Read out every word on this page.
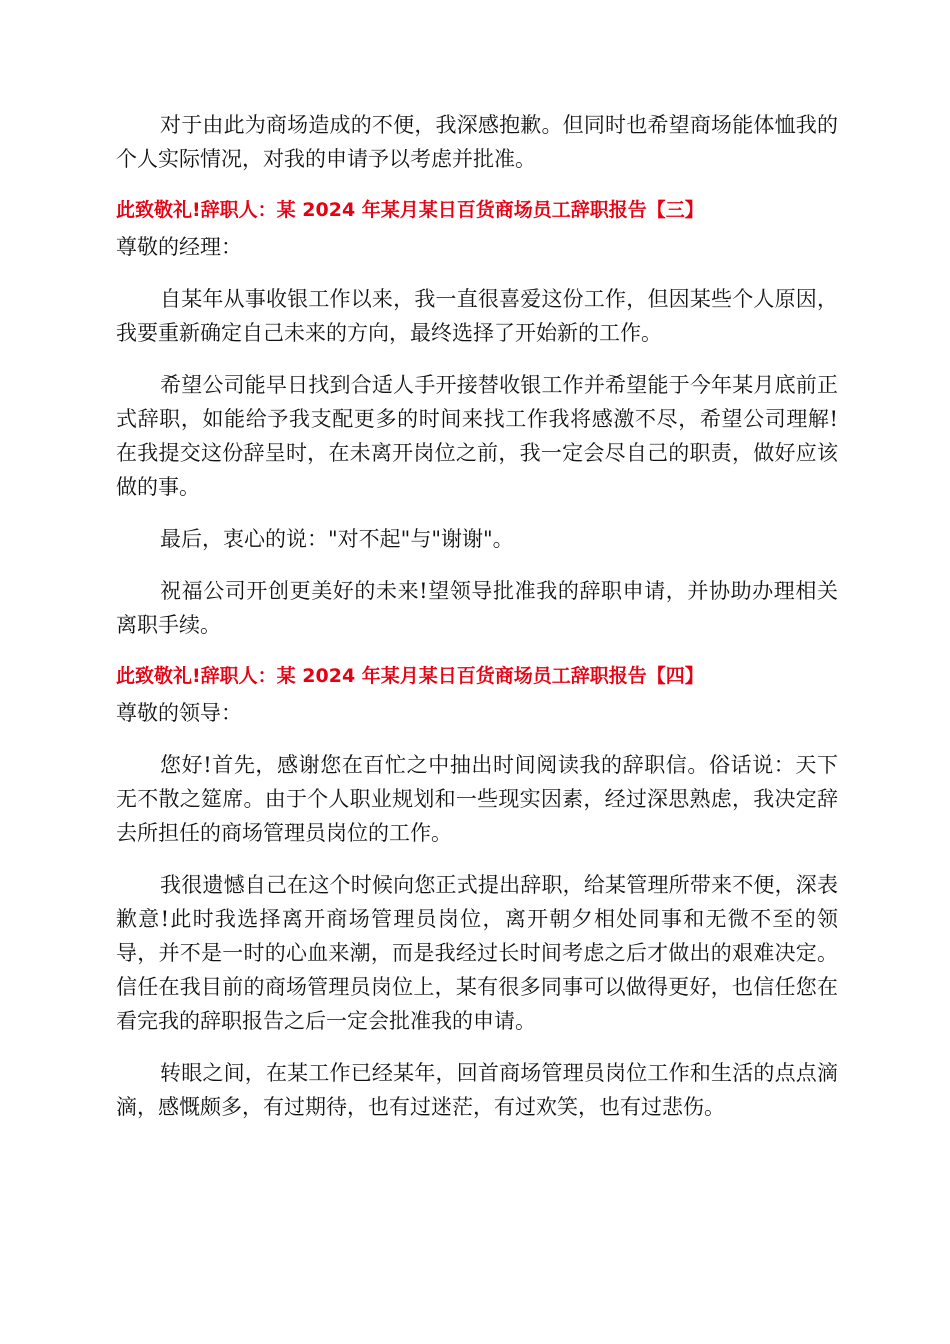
对于由此为商场造成的不便，我深感抱歉。但同时也希望商场能体恤我的个人实际情况，对我的申请予以考虑并批准。

此致敬礼!辞职人：某 2024 年某月某日百货商场员工辞职报告【三】

尊敬的经理：

自某年从事收银工作以来，我一直很喜爱这份工作，但因某些个人原因，我要重新确定自己未来的方向，最终选择了开始新的工作。

希望公司能早日找到合适人手开接替收银工作并希望能于今年某月底前正式辞职，如能给予我支配更多的时间来找工作我将感激不尽，希望公司理解!在我提交这份辞呈时，在未离开岗位之前，我一定会尽自己的职责，做好应该做的事。

最后，衷心的说："对不起"与"谢谢"。

祝福公司开创更美好的未来!望领导批准我的辞职申请，并协助办理相关离职手续。

此致敬礼!辞职人：某 2024 年某月某日百货商场员工辞职报告【四】

尊敬的领导：

您好!首先，感谢您在百忙之中抽出时间阅读我的辞职信。俗话说：天下无不散之筵席。由于个人职业规划和一些现实因素，经过深思熟虑，我决定辞去所担任的商场管理员岗位的工作。

我很遗憾自己在这个时候向您正式提出辞职，给某管理所带来不便，深表歉意!此时我选择离开商场管理员岗位，离开朝夕相处同事和无微不至的领导，并不是一时的心血来潮，而是我经过长时间考虑之后才做出的艰难决定。信任在我目前的商场管理员岗位上，某有很多同事可以做得更好，也信任您在看完我的辞职报告之后一定会批准我的申请。

转眼之间，在某工作已经某年，回首商场管理员岗位工作和生活的点点滴滴，感慨颇多，有过期待，也有过迷茫，有过欢笑，也有过悲伤。
